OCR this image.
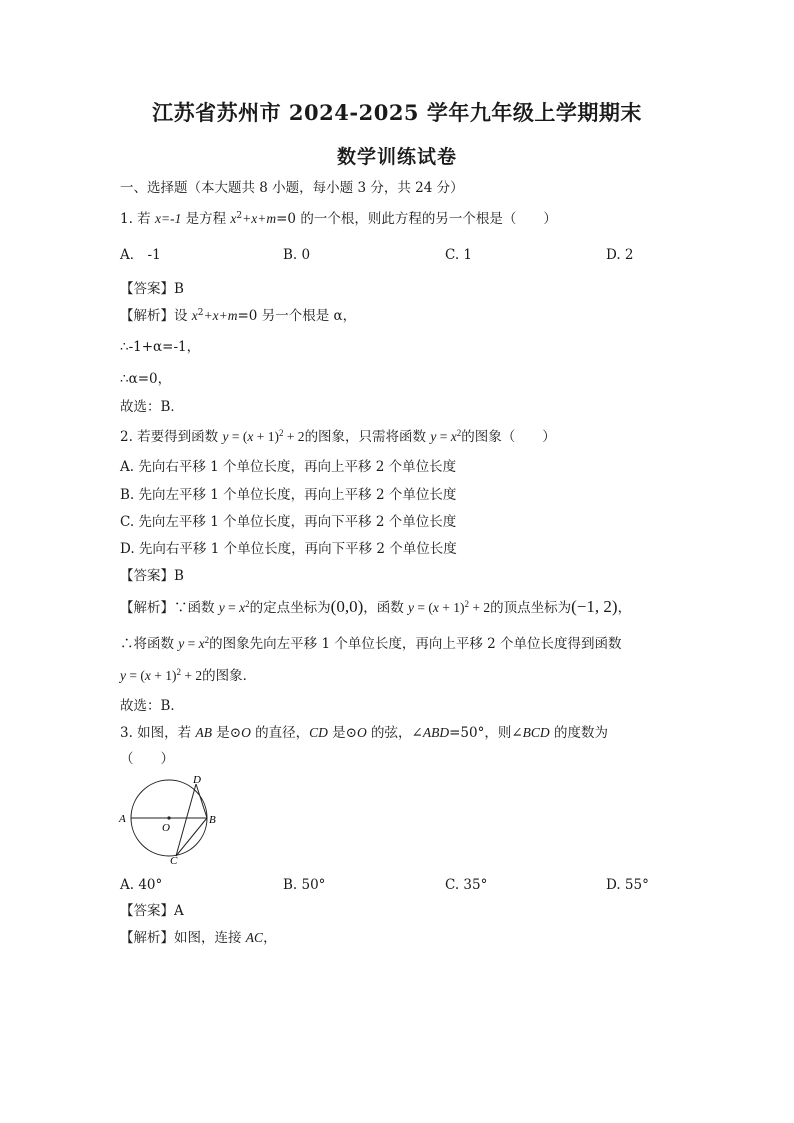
江苏省苏州市 2024-2025 学年九年级上学期期末
数学训练试卷
一、选择题（本大题共 8 小题，每小题 3 分，共 24 分）
1. 若 x=-1 是方程 $x^2+x+m=0$ 的一个根，则此方程的另一个根是（　　）
A． -1	B. 0	C. 1	D. 2
【答案】B
【解析】设 $x^2+x+m=0$ 另一个根是 α，
∴-1+α=-1，
∴α=0，
故选：B．
2. 若要得到函数 $y = (x + 1)^2 + 2$的图象，只需将函数 $y = x^2$的图象（　　）
A. 先向右平移 1 个单位长度，再向上平移 2 个单位长度
B. 先向左平移 1 个单位长度，再向上平移 2 个单位长度
C. 先向左平移 1 个单位长度，再向下平移 2 个单位长度
D. 先向右平移 1 个单位长度，再向下平移 2 个单位长度
【答案】B
【解析】∵函数 $y = x^2$的定点坐标为(0,0)，函数 $y = (x + 1)^2 + 2$的顶点坐标为(−1, 2)，
∴将函数 $y = x^2$的图象先向左平移 1 个单位长度，再向上平移 2 个单位长度得到函数
$y = (x + 1)^2 + 2$的图象．
故选：B．
3. 如图，若 AB 是⊙O 的直径，CD 是⊙O 的弦，∠ABD=50°，则∠BCD 的度数为
（　　）
A	B
C
D
O
A. 40°	B. 50°	C. 35°	D. 55°
【答案】A
【解析】如图，连接 AC，
